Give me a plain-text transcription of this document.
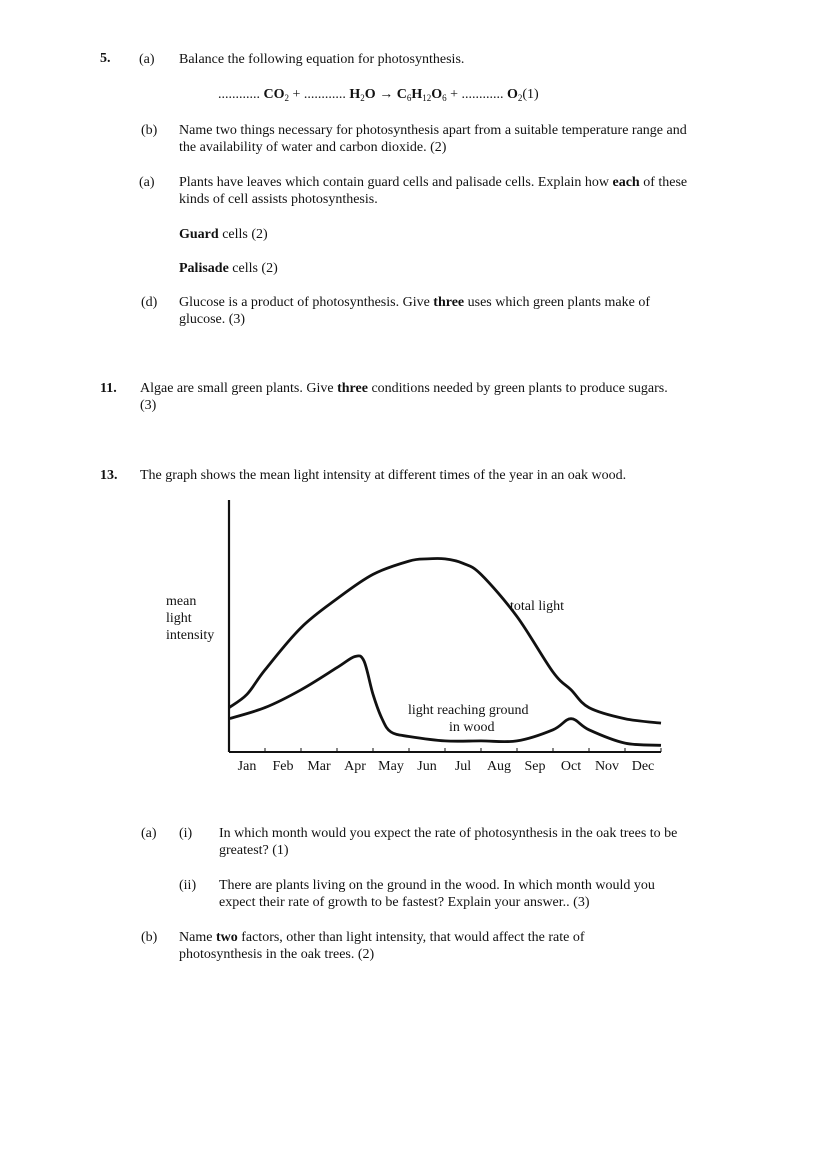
5. (a) Balance the following equation for photosynthesis.
............ $CO_2$ + ............ $H_2O \to C_6H_{12}O_6$ + ............ $O_2(1)$
(b) Name two things necessary for photosynthesis apart from a suitable temperature range and the availability of water and carbon dioxide. (2)
(a) Plants have leaves which contain guard cells and palisade cells. Explain how each of these kinds of cell assists photosynthesis.
Guard cells (2)
Palisade cells (2)
(d) Glucose is a product of photosynthesis. Give three uses which green plants make of glucose. (3)
11. Algae are small green plants. Give three conditions needed by green plants to produce sugars. (3)
13. The graph shows the mean light intensity at different times of the year in an oak wood.
Jan Feb Mar Apr May Jun Jul Aug Sep Oct Nov Dec
mean
light
intensity
total light
light reaching ground
in wood
(a) (i) In which month would you expect the rate of photosynthesis in the oak trees to be greatest? (1)
(ii) There are plants living on the ground in the wood. In which month would you expect their rate of growth to be fastest? Explain your answer.. (3)
(b) Name two factors, other than light intensity, that would affect the rate of photosynthesis in the oak trees. (2)
